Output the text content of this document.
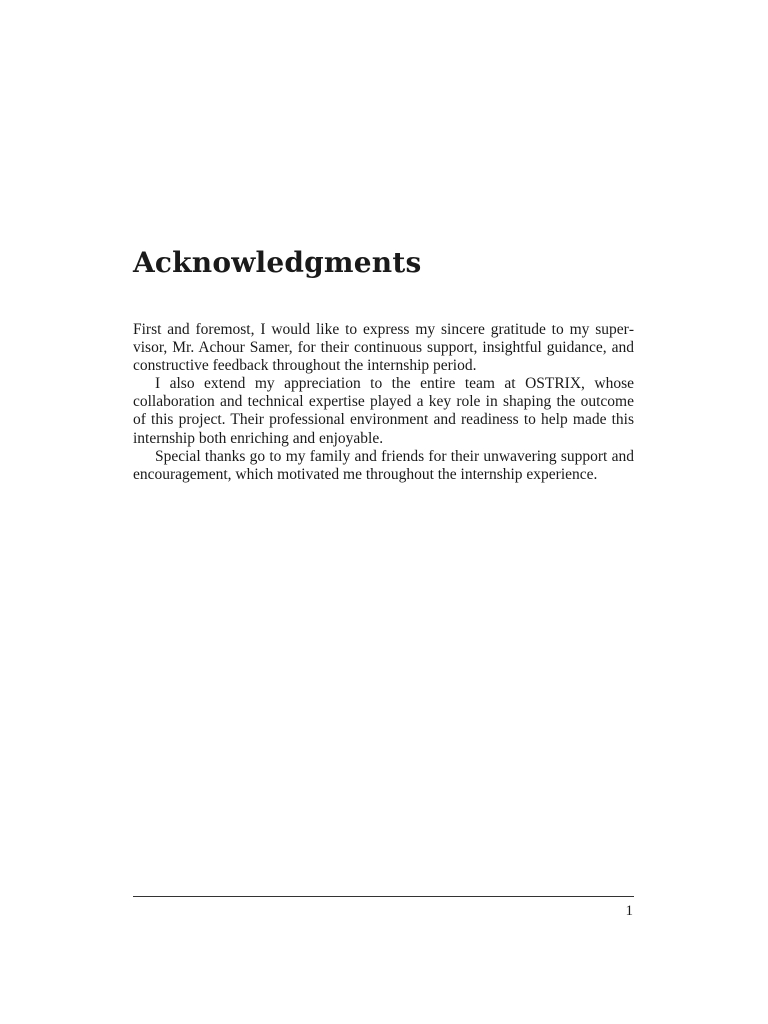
Acknowledgments

First and foremost, I would like to express my sincere gratitude to my supervisor, Mr. Achour Samer, for their continuous support, insightful guidance, and constructive feedback throughout the internship period.

I also extend my appreciation to the entire team at OSTRIX, whose collaboration and technical expertise played a key role in shaping the outcome of this project. Their professional environment and readiness to help made this internship both enriching and enjoyable.

Special thanks go to my family and friends for their unwavering support and encouragement, which motivated me throughout the internship experience.

1
